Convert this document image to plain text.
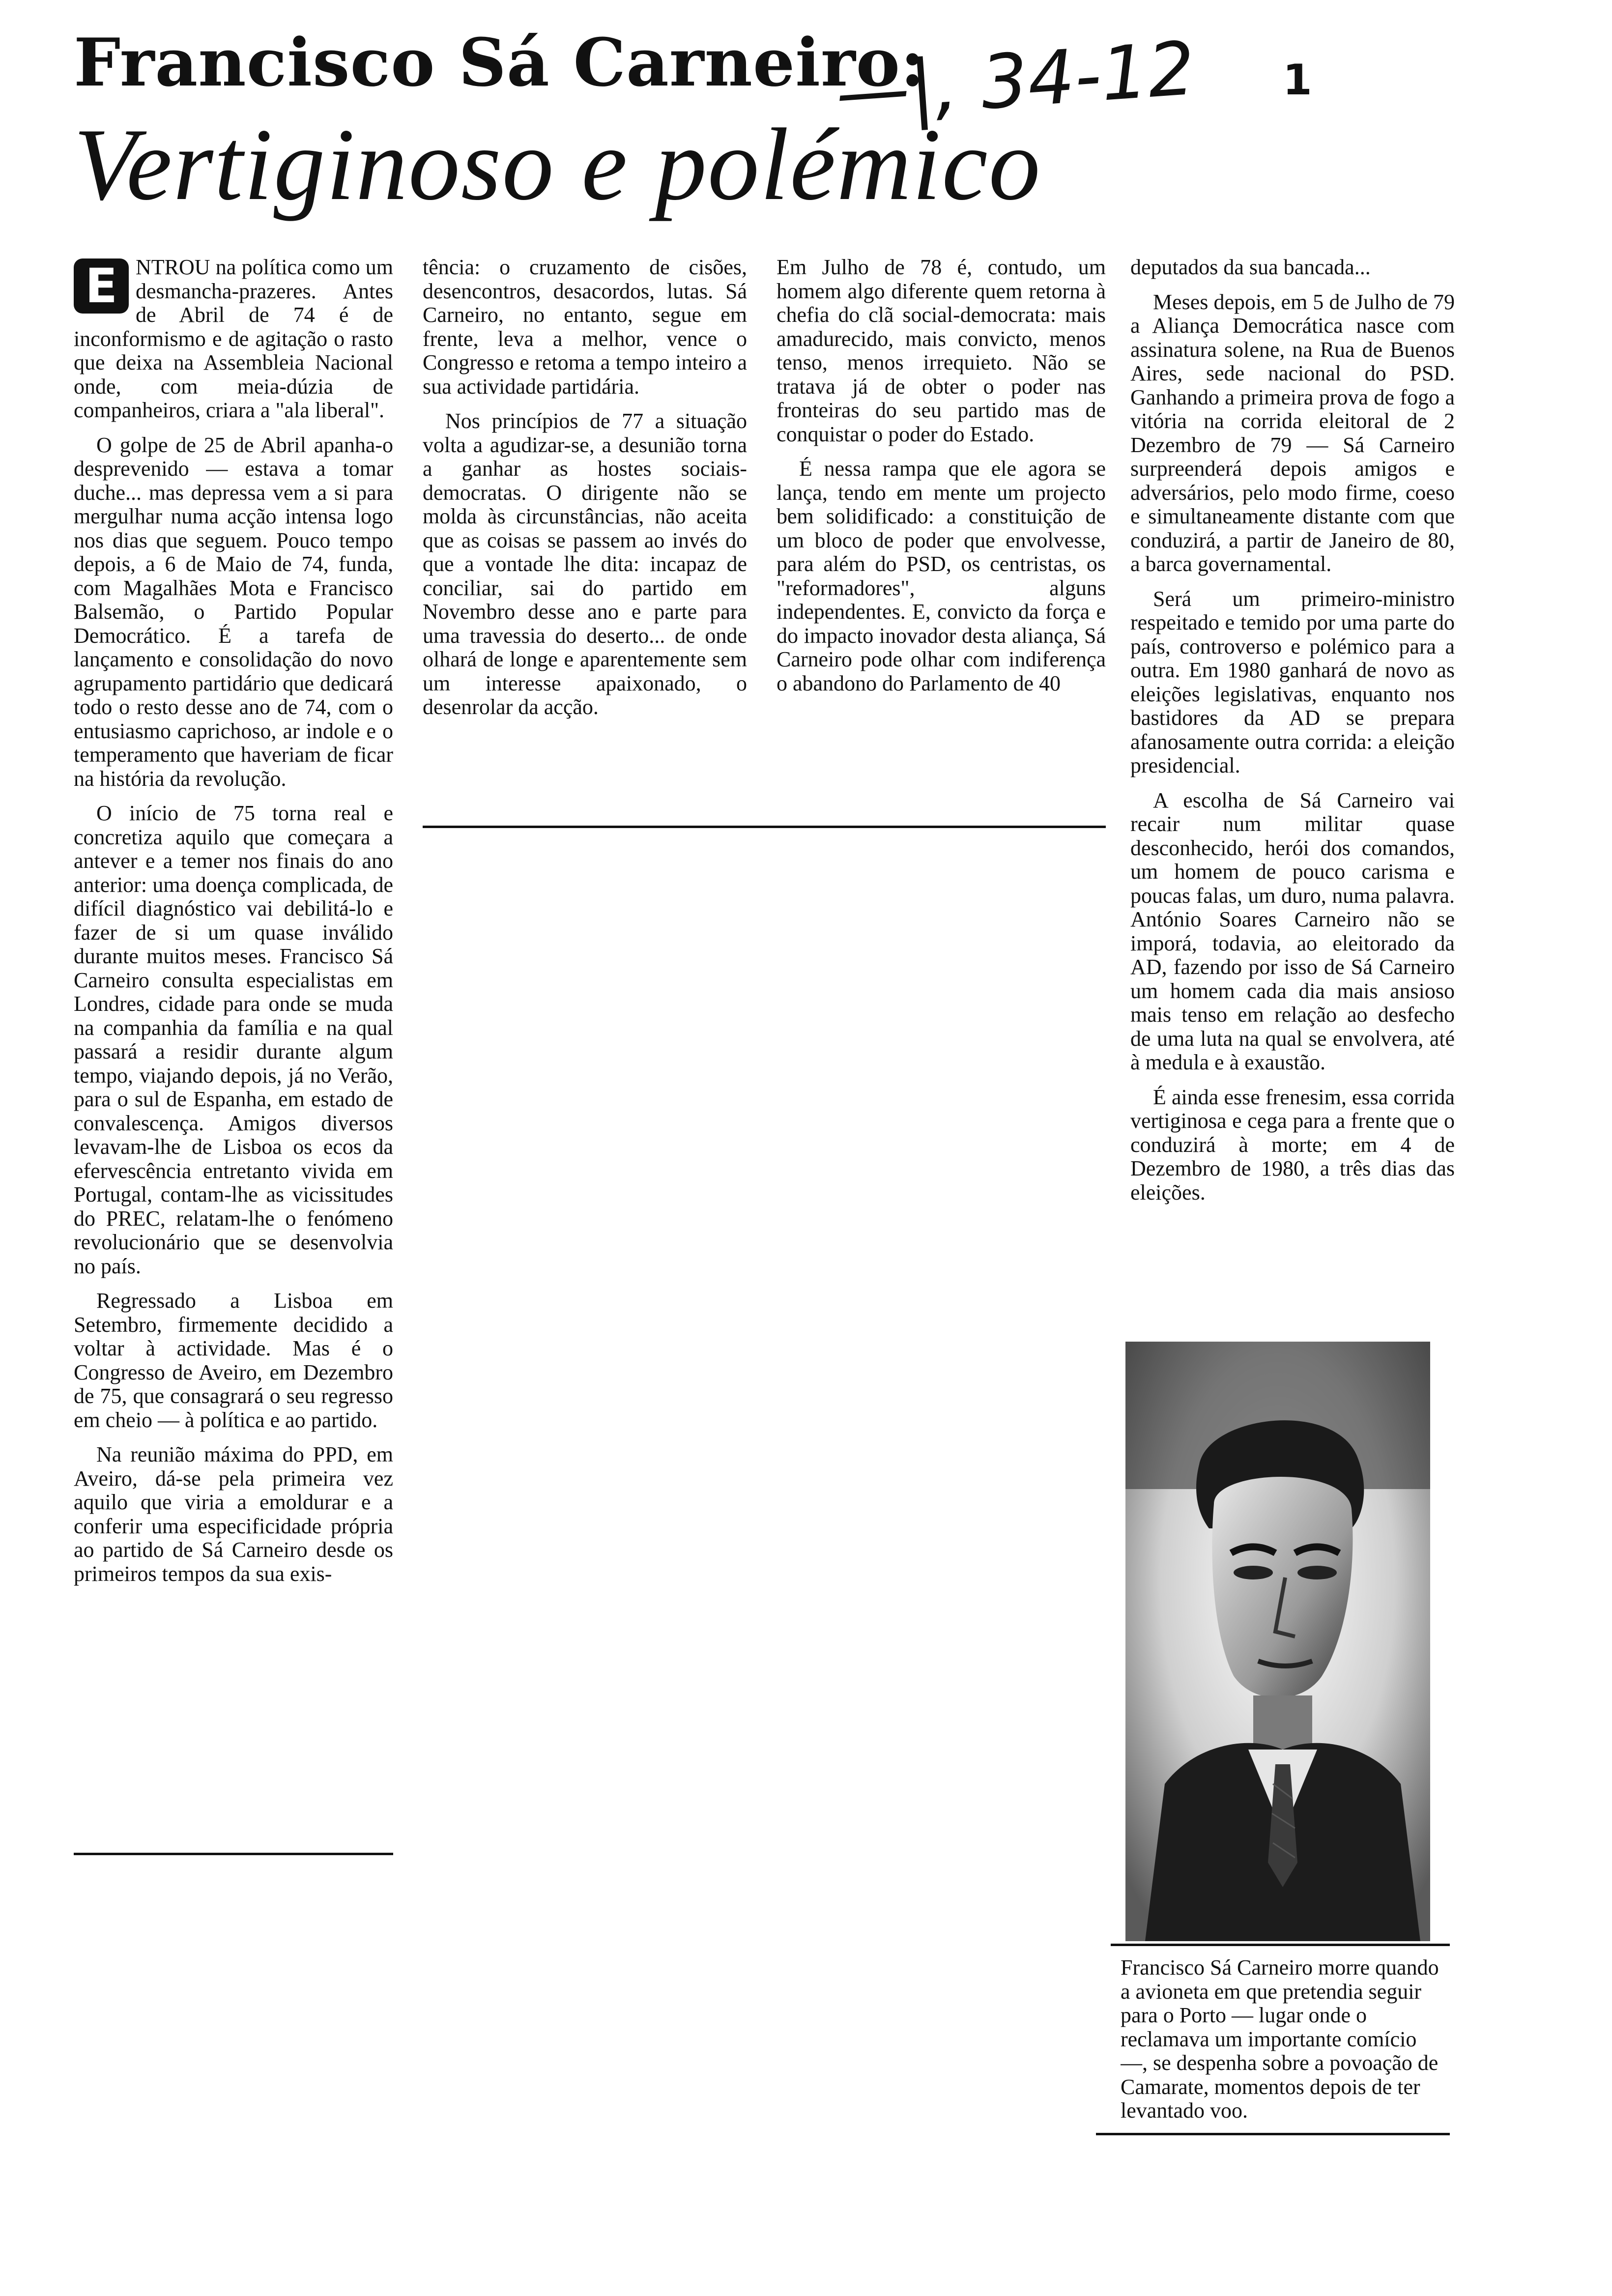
Francisco Sá Carneiro:
—|, 34-12 1
Vertiginoso e polémico

E NTROU na política como um desmancha-prazeres. Antes de Abril de 74 é de inconformismo e de agitação o rasto que deixa na Assembleia Nacional onde, com meia-dúzia de companheiros, criara a "ala liberal".

O golpe de 25 de Abril apanha-o desprevenido — estava a tomar duche... mas depressa vem a si para mergulhar numa acção intensa logo nos dias que seguem. Pouco tempo depois, a 6 de Maio de 74, funda, com Magalhães Mota e Francisco Balsemão, o Partido Popular Democrático. É a tarefa de lançamento e consolidação do novo agrupamento partidário que dedicará todo o resto desse ano de 74, com o entusiasmo caprichoso, ar indole e o temperamento que haveriam de ficar na história da revolução.

O início de 75 torna real e concretiza aquilo que começara a antever e a temer nos finais do ano anterior: uma doença complicada, de difícil diagnóstico vai debilitá-lo e fazer de si um quase inválido durante muitos meses. Francisco Sá Carneiro consulta especialistas em Londres, cidade para onde se muda na companhia da família e na qual passará a residir durante algum tempo, viajando depois, já no Verão, para o sul de Espanha, em estado de convalescença. Amigos diversos levavam-lhe de Lisboa os ecos da efervescência entretanto vivida em Portugal, contam-lhe as vicissitudes do PREC, relatam-lhe o fenómeno revolucionário que se desenvolvia no país.

Regressado a Lisboa em Setembro, firmemente decidido a voltar à actividade. Mas é o Congresso de Aveiro, em Dezembro de 75, que consagrará o seu regresso em cheio — à política e ao partido.

Na reunião máxima do PPD, em Aveiro, dá-se pela primeira vez aquilo que viria a emoldurar e a conferir uma especificidade própria ao partido de Sá Carneiro desde os primeiros tempos da sua exis-

tência: o cruzamento de cisões, desencontros, desacordos, lutas. Sá Carneiro, no entanto, segue em frente, leva a melhor, vence o Congresso e retoma a tempo inteiro a sua actividade partidária.

Nos princípios de 77 a situação volta a agudizar-se, a desunião torna a ganhar as hostes sociais-democratas. O dirigente não se molda às circunstâncias, não aceita que as coisas se passem ao invés do que a vontade lhe dita: incapaz de conciliar, sai do partido em Novembro desse ano e parte para uma travessia do deserto... de onde olhará de longe e aparentemente sem um interesse apaixonado, o desenrolar da acção.

Em Julho de 78 é, contudo, um homem algo diferente quem retorna à chefia do clã social-democrata: mais amadurecido, mais convicto, menos tenso, menos irrequieto. Não se tratava já de obter o poder nas fronteiras do seu partido mas de conquistar o poder do Estado.

É nessa rampa que ele agora se lança, tendo em mente um projecto bem solidificado: a constituição de um bloco de poder que envolvesse, para além do PSD, os centristas, os "reformadores", alguns independentes. E, convicto da força e do impacto inovador desta aliança, Sá Carneiro pode olhar com indiferença o abandono do Parlamento de 40

deputados da sua bancada...

Meses depois, em 5 de Julho de 79 a Aliança Democrática nasce com assinatura solene, na Rua de Buenos Aires, sede nacional do PSD. Ganhando a primeira prova de fogo a vitória na corrida eleitoral de 2 Dezembro de 79 — Sá Carneiro surpreenderá depois amigos e adversários, pelo modo firme, coeso e simultaneamente distante com que conduzirá, a partir de Janeiro de 80, a barca governamental.

Será um primeiro-ministro respeitado e temido por uma parte do país, controverso e polémico para a outra. Em 1980 ganhará de novo as eleições legislativas, enquanto nos bastidores da AD se prepara afanosamente outra corrida: a eleição presidencial.

A escolha de Sá Carneiro vai recair num militar quase desconhecido, herói dos comandos, um homem de pouco carisma e poucas falas, um duro, numa palavra. António Soares Carneiro não se imporá, todavia, ao eleitorado da AD, fazendo por isso de Sá Carneiro um homem cada dia mais ansioso mais tenso em relação ao desfecho de uma luta na qual se envolvera, até à medula e à exaustão.

É ainda esse frenesim, essa corrida vertiginosa e cega para a frente que o conduzirá à morte; em 4 de Dezembro de 1980, a três dias das eleições.

Francisco Sá Carneiro morre quando a avioneta em que pretendia seguir para o Porto — lugar onde o reclamava um importante comício —, se despenha sobre a povoação de Camarate, momentos depois de ter levantado voo.
